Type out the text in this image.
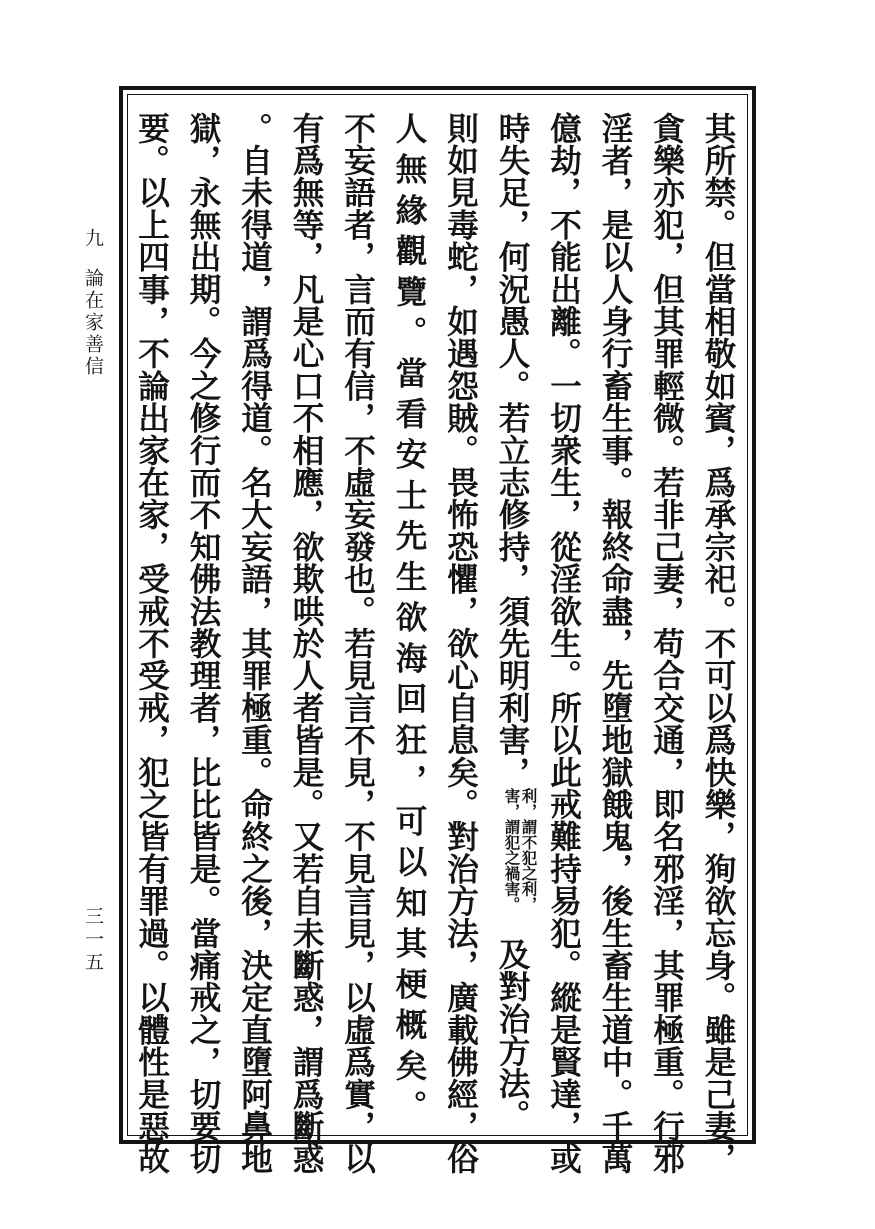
其所禁。但當相敬如賓，爲承宗祀。不可以爲快樂，狥欲忘身。雖是己妻，
貪樂亦犯，但其罪輕微。若非己妻，苟合交通，即名邪淫，其罪極重。行邪
淫者，是以人身行畜生事。報終命盡，先墮地獄餓鬼，後生畜生道中。千萬
億劫，不能出離。一切衆生，從淫欲生。所以此戒難持易犯。縱是賢達，或
時失足，何況愚人。若立志修持，須先明利害，利，謂不犯之利，
害，謂犯之禍害。及對治方法。
則如見毒蛇，如遇怨賊。畏怖恐懼，欲心自息矣。對治方法，廣載佛經，俗
人無緣觀覽。當看安士先生欲海回狂，可以知其梗概矣。
不妄語者，言而有信，不虛妄發也。若見言不見，不見言見，以虛爲實，以
有爲無等，凡是心口不相應，欲欺哄於人者皆是。又若自未斷惑，謂爲斷惑
。自未得道，謂爲得道。名大妄語，其罪極重。命終之後，決定直墮阿鼻地
獄，永無出期。今之修行而不知佛法教理者，比比皆是。當痛戒之，切要切
要。以上四事，不論出家在家，受戒不受戒，犯之皆有罪過。以體性是惡故
九論在家善信
三一五
